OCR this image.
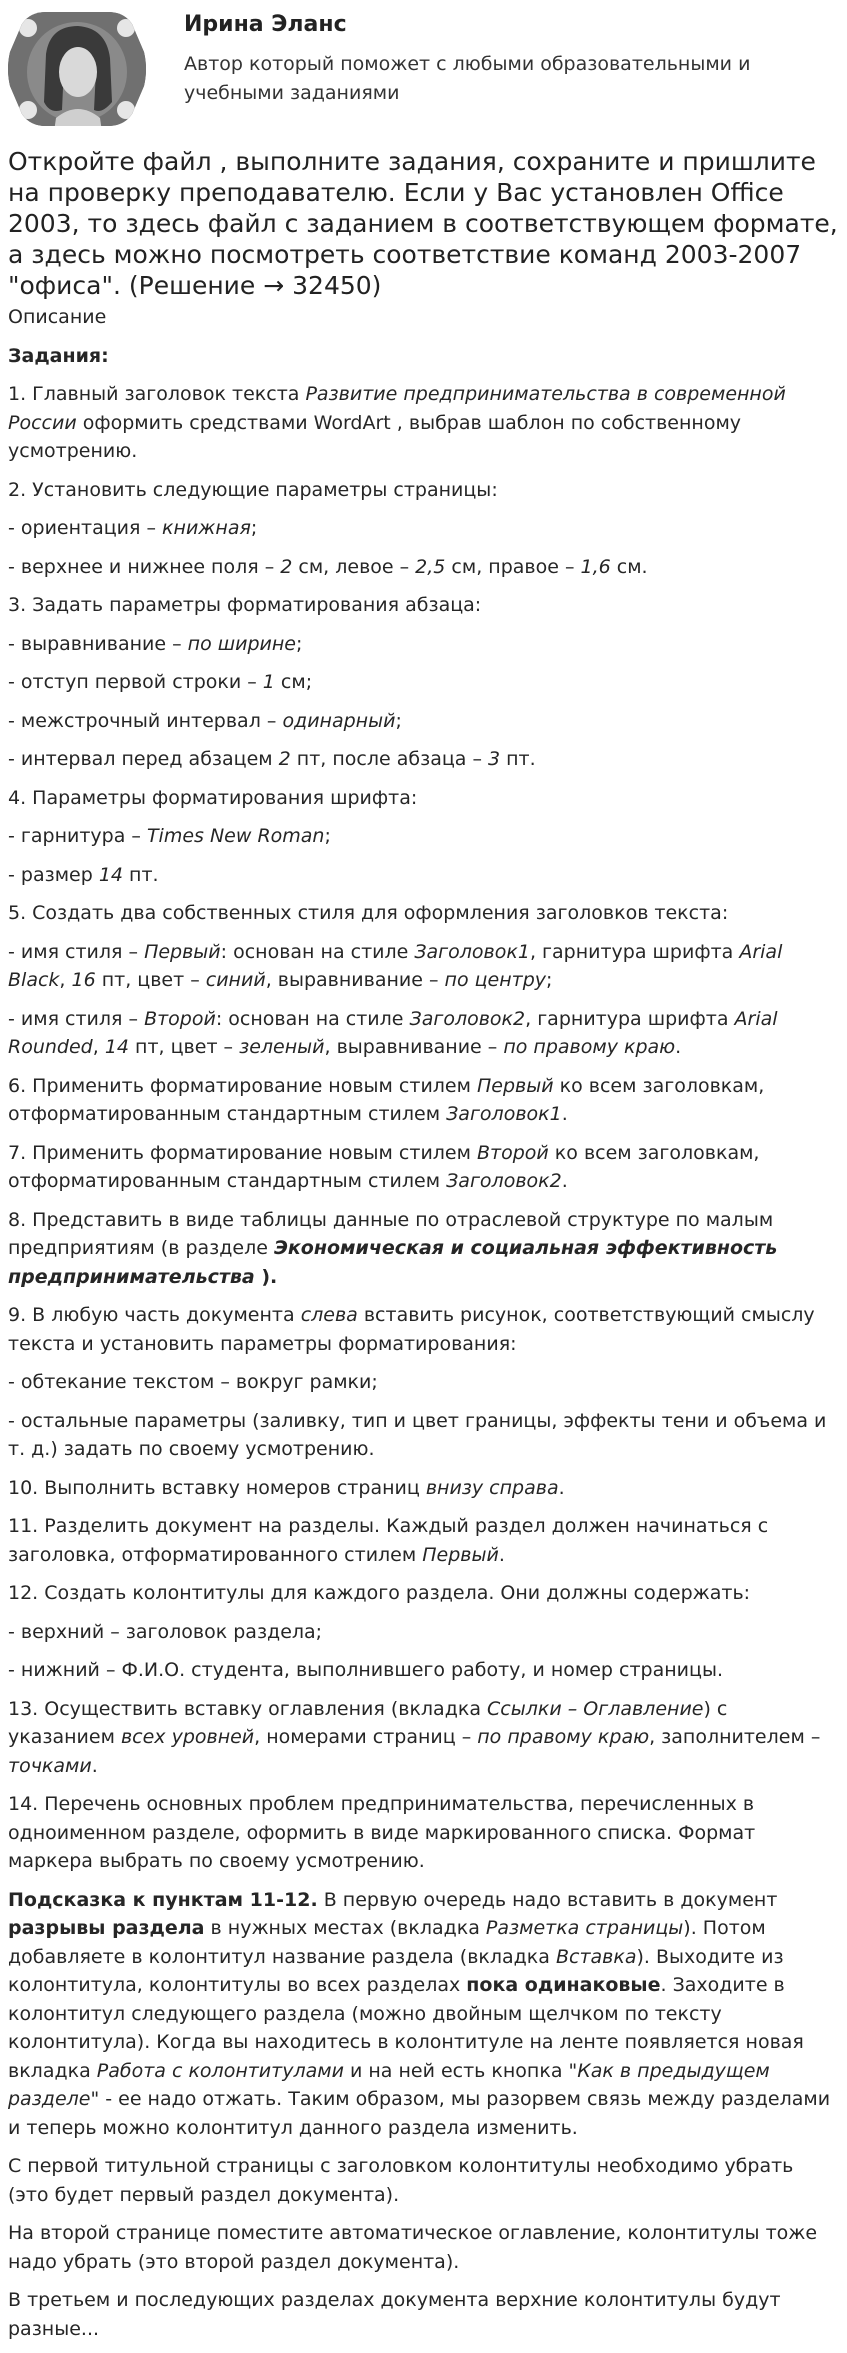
Ирина Эланс

Автор который поможет с любыми образовательными и учебными заданиями

Откройте файл , выполните задания, сохраните и пришлите на проверку преподавателю. Если у Вас установлен Office 2003, то здесь файл с заданием в соответствующем формате, а здесь можно посмотреть соответствие команд 2003-2007 "офиса". (Решение → 32450)

Описание

Задания:

1. Главный заголовок текста Развитие предпринимательства в современной России оформить средствами WordArt , выбрав шаблон по собственному усмотрению.

2. Установить следующие параметры страницы:

- ориентация – книжная;

- верхнее и нижнее поля – 2 см, левое – 2,5 см, правое – 1,6 см.

3. Задать параметры форматирования абзаца:

- выравнивание – по ширине;

- отступ первой строки – 1 см;

- межстрочный интервал – одинарный;

- интервал перед абзацем 2 пт, после абзаца – 3 пт.

4. Параметры форматирования шрифта:

- гарнитура – Times New Roman;

- размер 14 пт.

5. Создать два собственных стиля для оформления заголовков текста:

- имя стиля – Первый: основан на стиле Заголовок1, гарнитура шрифта Arial Black, 16 пт, цвет – синий, выравнивание – по центру;

- имя стиля – Второй: основан на стиле Заголовок2, гарнитура шрифта Arial Rounded, 14 пт, цвет – зеленый, выравнивание – по правому краю.

6. Применить форматирование новым стилем Первый ко всем заголовкам, отформатированным стандартным стилем Заголовок1.

7. Применить форматирование новым стилем Второй ко всем заголовкам, отформатированным стандартным стилем Заголовок2.

8. Представить в виде таблицы данные по отраслевой структуре по малым предприятиям (в разделе Экономическая и социальная эффективность предпринимательства ).

9. В любую часть документа слева вставить рисунок, соответствующий смыслу текста и установить параметры форматирования:

- обтекание текстом – вокруг рамки;

- остальные параметры (заливку, тип и цвет границы, эффекты тени и объема и т. д.) задать по своему усмотрению.

10. Выполнить вставку номеров страниц внизу справа.

11. Разделить документ на разделы. Каждый раздел должен начинаться с заголовка, отформатированного стилем Первый.

12. Создать колонтитулы для каждого раздела. Они должны содержать:

- верхний – заголовок раздела;

- нижний – Ф.И.О. студента, выполнившего работу, и номер страницы.

13. Осуществить вставку оглавления (вкладка Ссылки – Оглавление) с указанием всех уровней, номерами страниц – по правому краю, заполнителем – точками.

14. Перечень основных проблем предпринимательства, перечисленных в одноименном разделе, оформить в виде маркированного списка. Формат маркера выбрать по своему усмотрению.

Подсказка к пунктам 11-12. В первую очередь надо вставить в документ разрывы раздела в нужных местах (вкладка Разметка страницы). Потом добавляете в колонтитул название раздела (вкладка Вставка). Выходите из колонтитула, колонтитулы во всех разделах пока одинаковые. Заходите в колонтитул следующего раздела (можно двойным щелчком по тексту колонтитула). Когда вы находитесь в колонтитуле на ленте появляется новая вкладка Работа с колонтитулами и на ней есть кнопка "Как в предыдущем разделе" - ее надо отжать. Таким образом, мы разорвем связь между разделами и теперь можно колонтитул данного раздела изменить.

С первой титульной страницы с заголовком колонтитулы необходимо убрать (это будет первый раздел документа).

На второй странице поместите автоматическое оглавление, колонтитулы тоже надо убрать (это второй раздел документа).

В третьем и последующих разделах документа верхние колонтитулы будут разные...
